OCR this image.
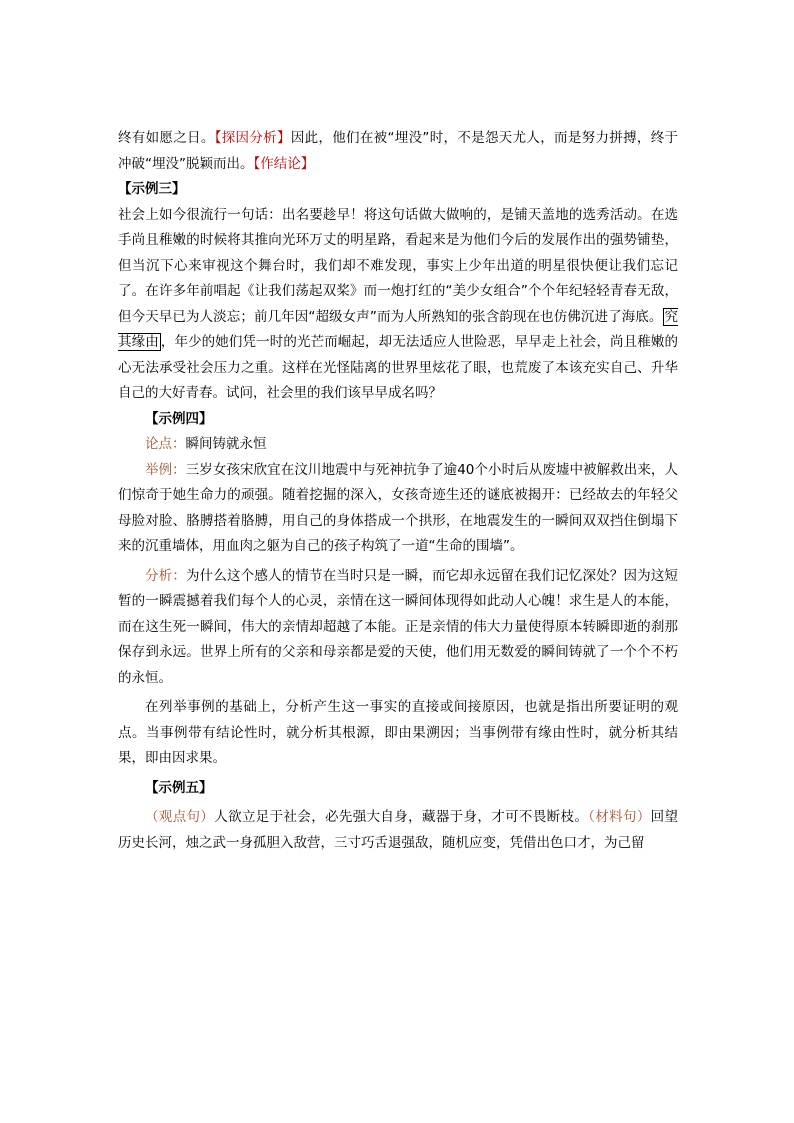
终有如愿之日。【探因分析】因此，他们在被“埋没”时，不是怨天尤人，而是努力拼搏，终于冲破“埋没”脱颖而出。【作结论】

【示例三】

社会上如今很流行一句话：出名要趁早！将这句话做大做响的，是铺天盖地的选秀活动。在选手尚且稚嫩的时候将其推向光环万丈的明星路，看起来是为他们今后的发展作出的强势铺垫，但当沉下心来审视这个舞台时，我们却不难发现，事实上少年出道的明星很快便让我们忘记了。在许多年前唱起《让我们荡起双桨》而一炮打红的“美少女组合”个个年纪轻轻青春无敌，但今天早已为人淡忘；前几年因“超级女声”而为人所熟知的张含韵现在也仿佛沉进了海底。 究其缘由 ，年少的她们凭一时的光芒而崛起，却无法适应人世险恶，早早走上社会，尚且稚嫩的心无法承受社会压力之重。这样在光怪陆离的世界里炫花了眼，也荒废了本该充实自己、升华自己的大好青春。试问，社会里的我们该早早成名吗？

【示例四】

论点：瞬间铸就永恒

举例：三岁女孩宋欣宜在汶川地震中与死神抗争了逾40个小时后从废墟中被解救出来，人们惊奇于她生命力的顽强。随着挖掘的深入，女孩奇迹生还的谜底被揭开：已经故去的年轻父母脸对脸、胳膊搭着胳膊，用自己的身体搭成一个拱形，在地震发生的一瞬间双双挡住倒塌下来的沉重墙体，用血肉之躯为自己的孩子构筑了一道“生命的围墙”。

分析：为什么这个感人的情节在当时只是一瞬，而它却永远留在我们记忆深处？因为这短暂的一瞬震撼着我们每个人的心灵，亲情在这一瞬间体现得如此动人心魄！求生是人的本能，而在这生死一瞬间，伟大的亲情却超越了本能。正是亲情的伟大力量使得原本转瞬即逝的刹那保存到永远。世界上所有的父亲和母亲都是爱的天使，他们用无数爱的瞬间铸就了一个个不朽的永恒。

在列举事例的基础上，分析产生这一事实的直接或间接原因，也就是指出所要证明的观点。当事例带有结论性时，就分析其根源，即由果溯因；当事例带有缘由性时，就分析其结果，即由因求果。

【示例五】

（观点句）人欲立足于社会，必先强大自身，藏器于身，才可不畏断枝。（材料句）回望历史长河，烛之武一身孤胆入敌营，三寸巧舌退强敌，随机应变，凭借出色口才，为己留
